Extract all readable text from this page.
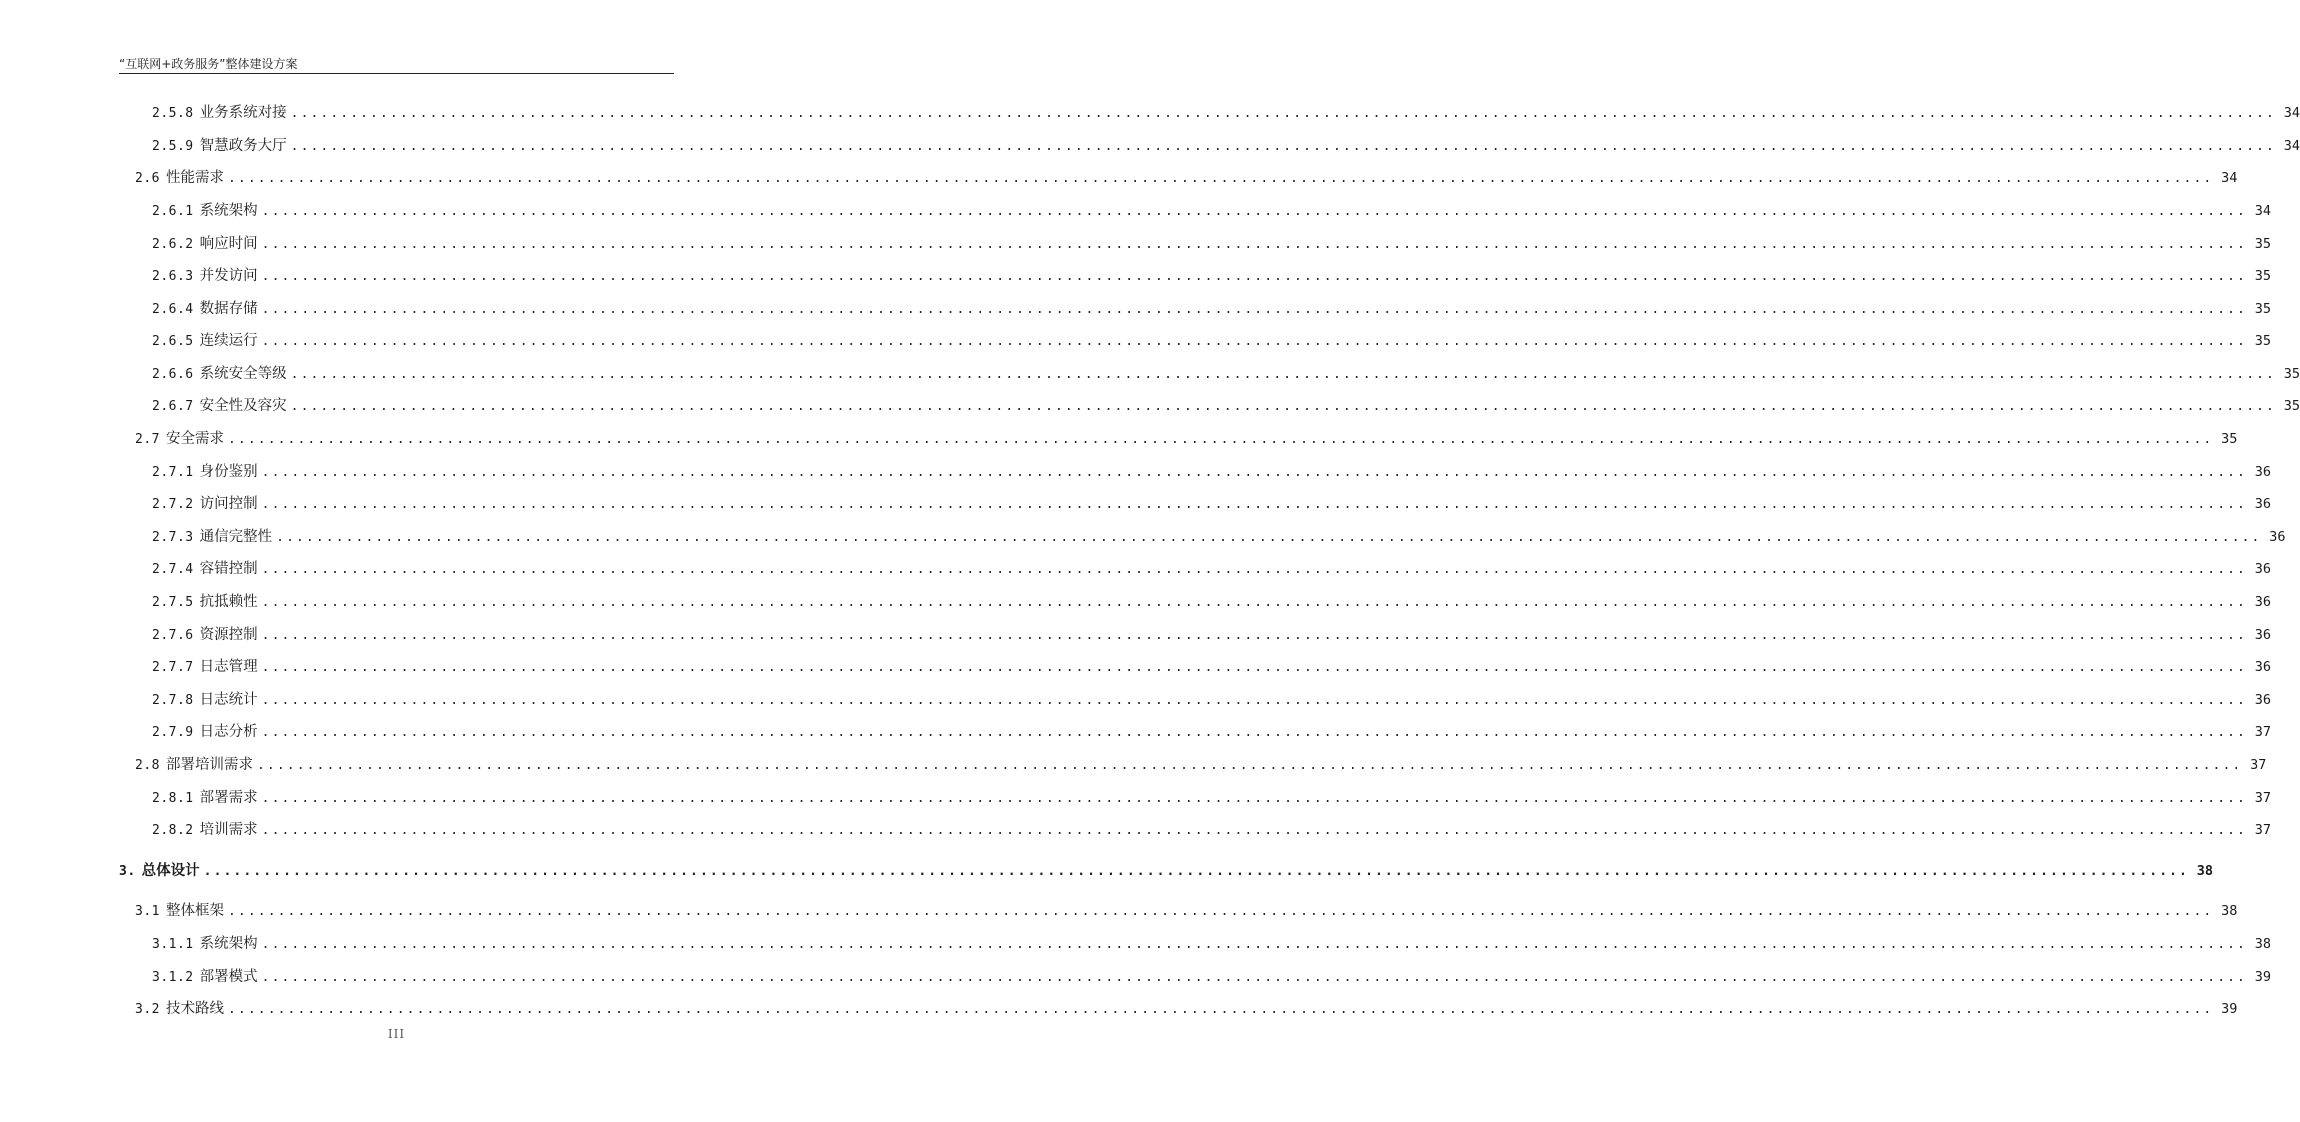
“互联网+政务服务”整体建设方案
2.5.8 业务系统对接 ........................................................................................................................................................................................................ 34
2.5.9 智慧政务大厅 ........................................................................................................................................................................................................ 34
2.6 性能需求 ........................................................................................................................................................................................................ 34
2.6.1 系统架构 ........................................................................................................................................................................................................ 34
2.6.2 响应时间 ........................................................................................................................................................................................................ 35
2.6.3 并发访问 ........................................................................................................................................................................................................ 35
2.6.4 数据存储 ........................................................................................................................................................................................................ 35
2.6.5 连续运行 ........................................................................................................................................................................................................ 35
2.6.6 系统安全等级 ........................................................................................................................................................................................................ 35
2.6.7 安全性及容灾 ........................................................................................................................................................................................................ 35
2.7 安全需求 ........................................................................................................................................................................................................ 35
2.7.1 身份鉴别 ........................................................................................................................................................................................................ 36
2.7.2 访问控制 ........................................................................................................................................................................................................ 36
2.7.3 通信完整性 ........................................................................................................................................................................................................ 36
2.7.4 容错控制 ........................................................................................................................................................................................................ 36
2.7.5 抗抵赖性 ........................................................................................................................................................................................................ 36
2.7.6 资源控制 ........................................................................................................................................................................................................ 36
2.7.7 日志管理 ........................................................................................................................................................................................................ 36
2.7.8 日志统计 ........................................................................................................................................................................................................ 36
2.7.9 日志分析 ........................................................................................................................................................................................................ 37
2.8 部署培训需求 ........................................................................................................................................................................................................ 37
2.8.1 部署需求 ........................................................................................................................................................................................................ 37
2.8.2 培训需求 ........................................................................................................................................................................................................ 37
3. 总体设计 ........................................................................................................................................................................................................ 38
3.1 整体框架 ........................................................................................................................................................................................................ 38
3.1.1 系统架构 ........................................................................................................................................................................................................ 38
3.1.2 部署模式 ........................................................................................................................................................................................................ 39
3.2 技术路线 ........................................................................................................................................................................................................ 39
III
